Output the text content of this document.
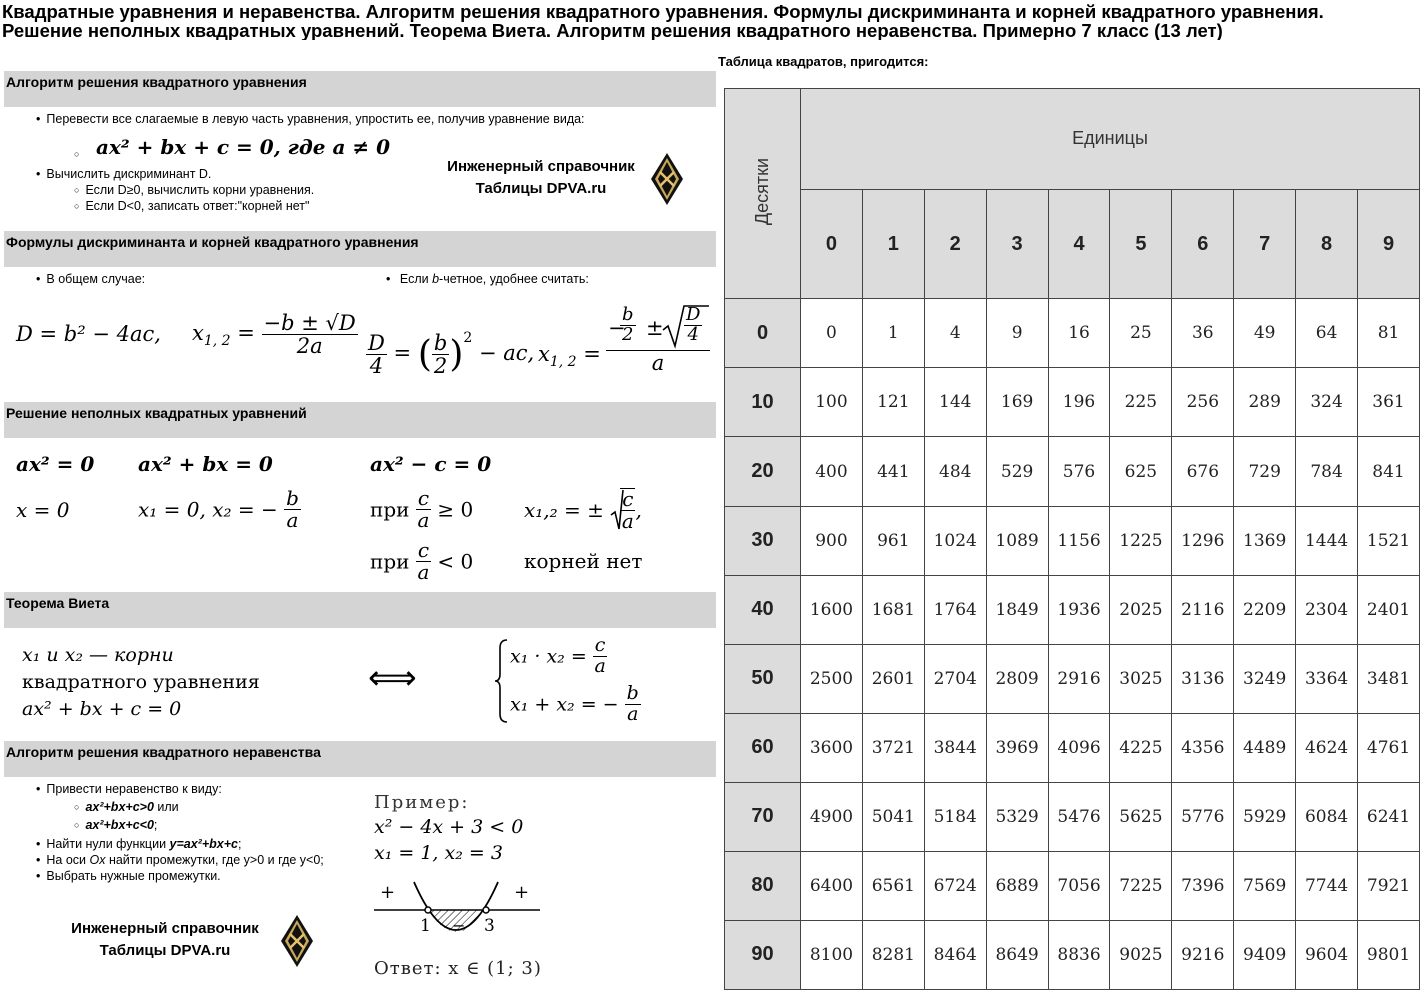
Квадратные уравнения и неравенства. Алгоритм решения квадратного уравнения. Формулы дискриминанта и корней квадратного уравнения.
Решение неполных квадратных уравнений. Теорема Виета. Алгоритм решения квадратного неравенства. Примерно 7 класс (13 лет)
Алгоритм решения квадратного уравнения
• Перевести все слагаемые в левую часть уравнения, упростить ее, получив уравнение вида:
○
ax² + bx + c = 0, где a ≠ 0
• Вычислить дискриминант D.
○ Если D≥0, вычислить корни уравнения.
○ Если D<0, записать ответ:"корней нет"
Инженерный справочник
Таблицы DPVA.ru
Формулы дискриминанта и корней квадратного уравнения
• В общем случае:	• Если b-четное, удобнее считать:
D = b² − 4ac, $x_{1, 2} = \frac{-b \pm √D}{2a} \frac{D}{4}$ = ( $\frac{b}{2} )^2$ − ac, $x_{1, 2}$ =
−
$\frac{b}{2} \pm \frac{D}{4}$
a
Решение неполных квадратных уравнений
ax² = 0 ax² + bx = 0	ax² − c = 0
x = 0	x₁ = 0, x₂ = − $\frac{b}{a}$	при $\frac{c}{a} \ge 0$	x₁,₂ = ± $\frac{c}{a}$ ,
при $\frac{c}{a} < 0$	корней нет
Теорема Виета
x₁ и x₂ — корни
квадратного уравнения
ax² + bx + c = 0
⟺
$x_1 \cdot x_2 = \frac{c}{a}$
x₁ + x₂ = − $\frac{b}{a}$
Алгоритм решения квадратного неравенства
• Привести неравенство к виду:
○ ax²+bx+c>0 или
○ ax²+bx+c<0;
• Найти нули функции y=ax²+bx+c;
• На оси Ox найти промежутки, где y>0 и где y<0;
• Выбрать нужные промежутки.
Инженерный справочник
Таблицы DPVA.ru
Пример:
x² − 4x + 3 < 0
x₁ = 1, x₂ = 3
+	+
−
1	3
Ответ: x ∈ (1; 3)
Таблица квадратов, пригодится:
Десятки	Единицы									
	0	1	2	3	4	5	6	7	8	9
0	0	1	4	9	16	25	36	49	64	81
10	100	121	144	169	196	225	256	289	324	361
20	400	441	484	529	576	625	676	729	784	841
30	900	961	1024	1089	1156	1225	1296	1369	1444	1521
40	1600	1681	1764	1849	1936	2025	2116	2209	2304	2401
50	2500	2601	2704	2809	2916	3025	3136	3249	3364	3481
60	3600	3721	3844	3969	4096	4225	4356	4489	4624	4761
70	4900	5041	5184	5329	5476	5625	5776	5929	6084	6241
80	6400	6561	6724	6889	7056	7225	7396	7569	7744	7921
90	8100	8281	8464	8649	8836	9025	9216	9409	9604	9801
